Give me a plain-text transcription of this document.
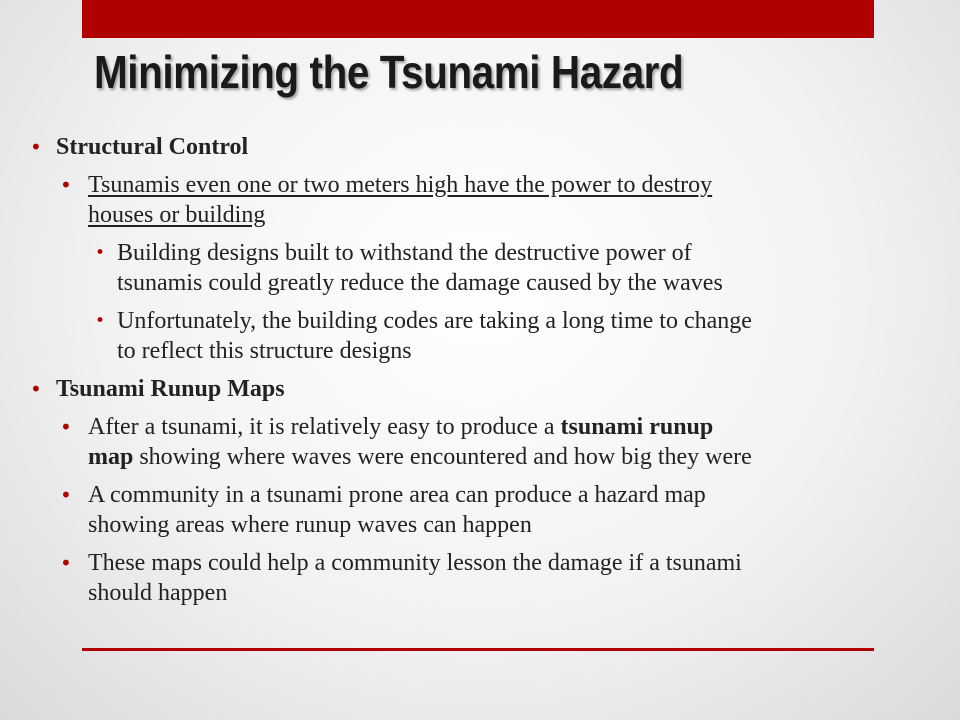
Minimizing the Tsunami Hazard
• Structural Control
• Tsunamis even one or two meters high have the power to destroy
houses or building
• Building designs built to withstand the destructive power of
tsunamis could greatly reduce the damage caused by the waves
• Unfortunately, the building codes are taking a long time to change
to reflect this structure designs
• Tsunami Runup Maps
• After a tsunami, it is relatively easy to produce a tsunami runup
map showing where waves were encountered and how big they were
• A community in a tsunami prone area can produce a hazard map
showing areas where runup waves can happen
• These maps could help a community lesson the damage if a tsunami
should happen
